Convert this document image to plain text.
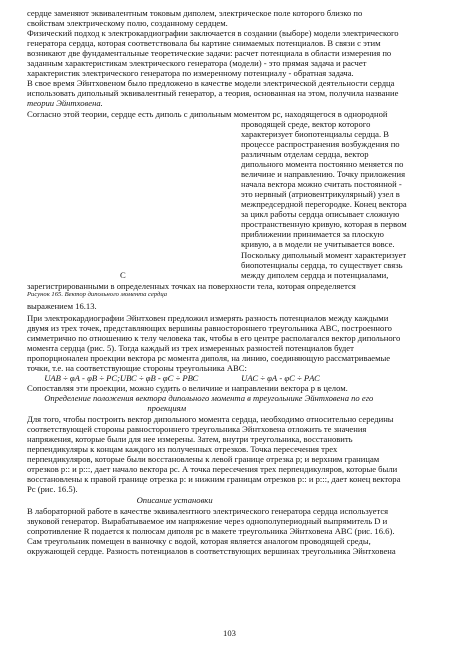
сердце заменяют эквивалентным токовым диполем, электрическое поле которого близко по
свойствам электрическому полю, созданному сердцем.
Физический подход к электрокардиографии заключается в создании (выборе) модели электрического
генератора сердца, которая соответствовала бы картине снимаемых потенциалов. В связи с этим
возникают две фундаментальные теоретические задачи: расчет потенциала в области измерения по
заданным характеристикам электрического генератора (модели) - это прямая задача и расчет
характеристик электрического генератора по измеренному потенциалу - обратная задача.
В свое время Эйнтховеном было предложено в качестве модели электрической деятельности сердца
использовать дипольный эквивалентный генератор, а теория, основанная на этом, получила название
теории Эйнтховена.
Согласно этой теории, сердце есть диполь с дипольным моментом рс, находящегося в однородной
проводящей среде, вектор которого
характеризует биопотенциалы сердца. В
процессе распространения возбуждения по
различным отделам сердца, вектор
дипольного момента постоянно меняется по
величине и направлению. Точку приложения
начала вектора можно считать постоянной -
это нервный (атриовентрикулярный) узел в
межпредсердной перегородке. Конец вектора
за цикл работы сердца описывает сложную
пространственную кривую, которая в первом
приближении принимается за плоскую
кривую, а в модели не учитывается вовсе.
Поскольку дипольный момент характеризует
биопотенциалы сердца, то существует связь
между диполем сердца и потенциалами,
С
Рисунок 165. Вектор дипольного момента сердца
зарегистрированными в определенных точках на поверхности тела, которая определяется
выражением 16.13.
При электрокардиографии Эйнтховен предложил измерять разность потенциалов между каждыми
двумя из трех точек, представляющих вершины равностороннего треугольника АВС, построенного
симметрично по отношению к телу человека так, чтобы в его центре располагался вектор дипольного
момента сердца (рис. 5). Тогда каждый из трех измеренных разностей потенциалов будет
пропорционален проекции вектора рс момента диполя, на линию, соединяющую рассматриваемые
точки, т.е. на соответствующие стороны треугольника АВС:
UАВ ÷ φА - φВ ÷ PС;UВС ÷ φВ - φС ÷ PВС                    UАС ÷ φА - φС ÷ PАС
Сопоставляя эти проекции, можно судить о величине и направлении вектора р в целом.
Определение положения вектора дипольного момента в треугольнике Эйнтховена по его
проекциям
Для того, чтобы построить вектор дипольного момента сердца, необходимо относительно середины
соответствующей стороны равностороннего треугольника Эйнтховена отложить те значения
напряжения, которые были для нее измерены. Затем, внутри треугольника, восстановить
перпендикуляры к концам каждого из полученных отрезков. Точка пересечения трех
перпендикуляров, которые были восстановлены к левой границе отрезка р; и верхним границам
отрезков р:: и р:::, дает начало вектора рс. А точка пересечения трех перпендикуляров, которые были
восстановлены к правой границе отрезка р: и нижним границам отрезков р:: и р:::, дает конец вектора
Рс (рис. 16.5).
Описание установки
В лабораторной работе в качестве эквивалентного электрического генератора сердца используется
звуковой генератор. Вырабатываемое им напряжение через однополупериодный выпрямитель D и
сопротивление R подается к полюсам диполя рс в макете треугольника Эйнтховена АВС (рис. 16.6).
Сам треугольник помещен в ванночку с водой, которая является аналогом проводящей среды,
окружающей сердце. Разность потенциалов в соответствующих вершинах треугольника Эйнтховена
103
